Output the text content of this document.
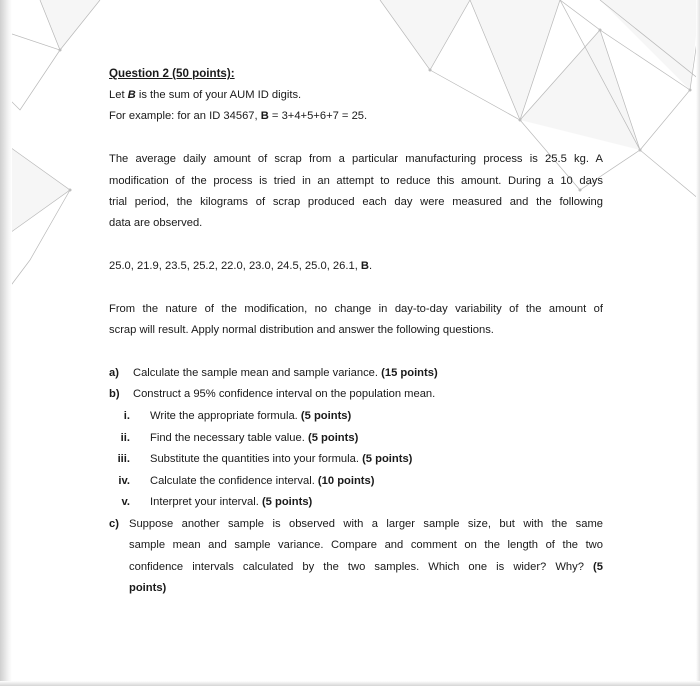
Question 2 (50 points):
Let B is the sum of your AUM ID digits.
For example: for an ID 34567, B = 3+4+5+6+7 = 25.
The average daily amount of scrap from a particular manufacturing process is 25.5 kg. A
modification of the process is tried in an attempt to reduce this amount. During a 10 days
trial period, the kilograms of scrap produced each day were measured and the following
data are observed.
25.0, 21.9, 23.5, 25.2, 22.0, 23.0, 24.5, 25.0, 26.1, B.
From the nature of the modification, no change in day-to-day variability of the amount of
scrap will result. Apply normal distribution and answer the following questions.
a) Calculate the sample mean and sample variance. (15 points)
b) Construct a 95% confidence interval on the population mean.
i. Write the appropriate formula. (5 points)
ii. Find the necessary table value. (5 points)
iii. Substitute the quantities into your formula. (5 points)
iv. Calculate the confidence interval. (10 points)
v. Interpret your interval. (5 points)
c) Suppose another sample is observed with a larger sample size, but with the same
sample mean and sample variance. Compare and comment on the length of the two
confidence intervals calculated by the two samples. Which one is wider? Why? (5
points)
